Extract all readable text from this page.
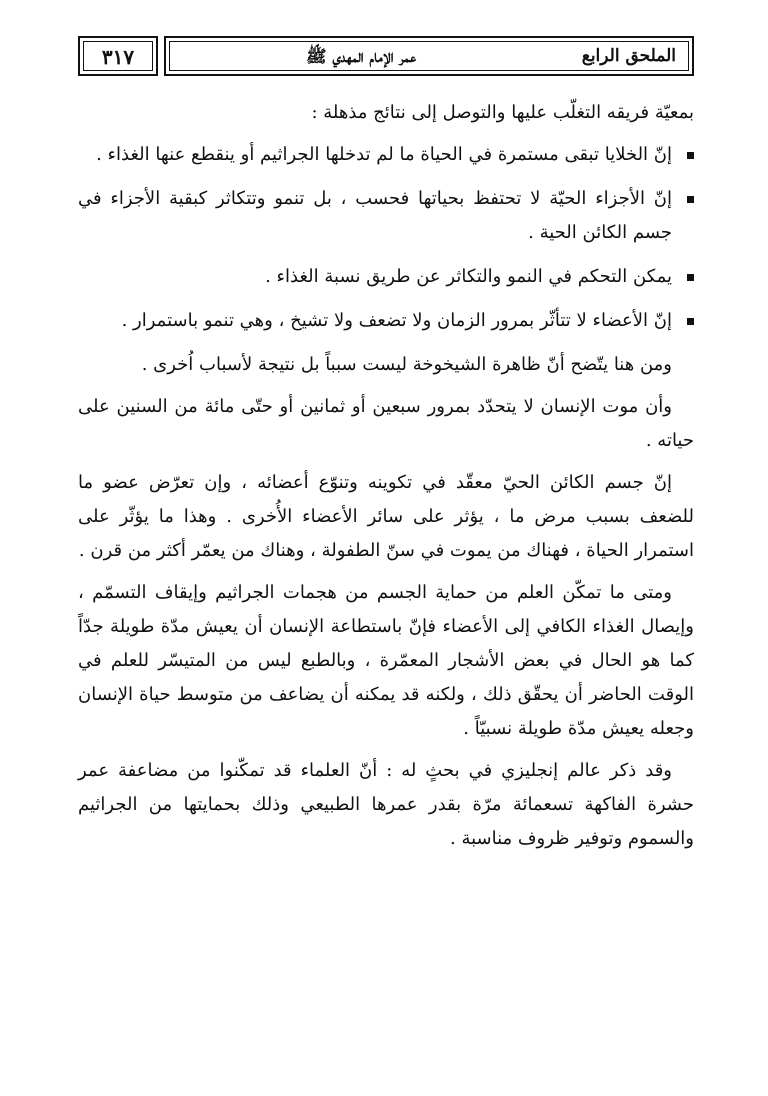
٣١٧	الملحق الرابع
عمر الإمام المهدي ﷺ

بمعيّة فريقه التغلّب عليها والتوصل إلى نتائج مذهلة :

إنّ الخلايا تبقى مستمرة في الحياة ما لم تدخلها الجراثيم أو ينقطع عنها الغذاء .
إنّ الأجزاء الحيّة لا تحتفظ بحياتها فحسب ، بل تنمو وتتكاثر كبقية الأجزاء في جسم الكائن الحية .
يمكن التحكم في النمو والتكاثر عن طريق نسبة الغذاء .
إنّ الأعضاء لا تتأثّر بمرور الزمان ولا تضعف ولا تشيخ ، وهي تنمو باستمرار .

ومن هنا يتّضح أنّ ظاهرة الشيخوخة ليست سبباً بل نتيجة لأسباب اُخرى .

وأن موت الإنسان لا يتحدّد بمرور سبعين أو ثمانين أو حتّى مائة من السنين على حياته .

إنّ جسم الكائن الحيّ معقّد في تكوينه وتنوّع أعضائه ، وإن تعرّض عضو ما للضعف بسبب مرض ما ، يؤثر على سائر الأعضاء الأُخرى . وهذا ما يؤثّر على استمرار الحياة ، فهناك من يموت في سنّ الطفولة ، وهناك من يعمّر أكثر من قرن .

ومتى ما تمكّن العلم من حماية الجسم من هجمات الجراثيم وإيقاف التسمّم ، وإيصال الغذاء الكافي إلى الأعضاء فإنّ باستطاعة الإنسان أن يعيش مدّة طويلة جدّاً كما هو الحال في بعض الأشجار المعمّرة ، وبالطبع ليس من المتيسّر للعلم في الوقت الحاضر أن يحقّق ذلك ، ولكنه قد يمكنه أن يضاعف من متوسط حياة الإنسان وجعله يعيش مدّة طويلة نسبيّاً .

وقد ذكر عالم إنجليزي في بحثٍ له : أنّ العلماء قد تمكّنوا من مضاعفة عمر حشرة الفاكهة تسعمائة مرّة بقدر عمرها الطبيعي وذلك بحمايتها من الجراثيم والسموم وتوفير ظروف مناسبة .
